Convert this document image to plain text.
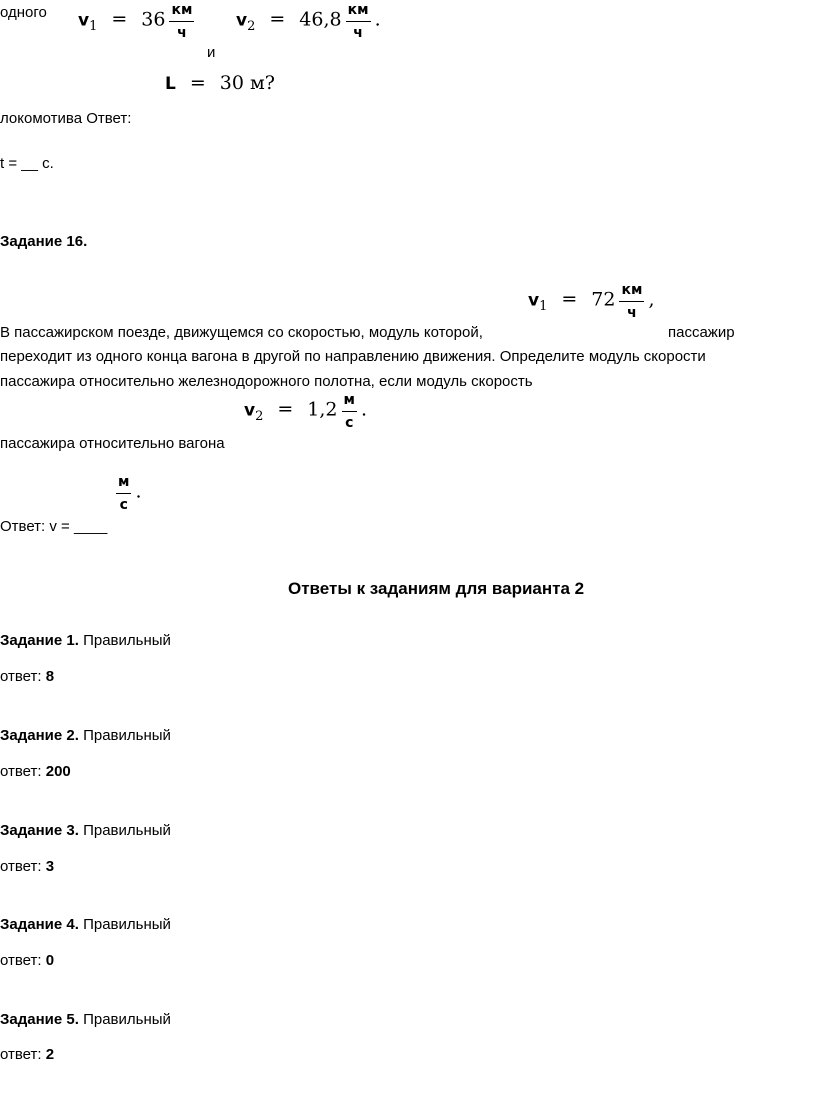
одного $v1 = 36 \frac{км}{ч}$
и
$v2 = 46,8 \frac{км}{ч}$ .
L = 30 м?
локомотива Ответ:
t = __ с.
Задание 16.
$v1 = 72 \frac{км}{ч}$ ,
В пассажирском поезде, движущемся со скоростью, модуль которой,	пассажир
переходит из одного конца вагона в другой по направлению движения. Определите модуль скорости
пассажира относительно железнодорожного полотна, если модуль скорость
$v2 = 1,2 \frac{м}{с}$ .
пассажира относительно вагона
$\frac{м}{с}$ .
Ответ: v = ____
Ответы к заданиям для варианта 2
Задание 1. Правильный
ответ: 8
Задание 2. Правильный
ответ: 200
Задание 3. Правильный
ответ: 3
Задание 4. Правильный
ответ: 0
Задание 5. Правильный
ответ: 2
